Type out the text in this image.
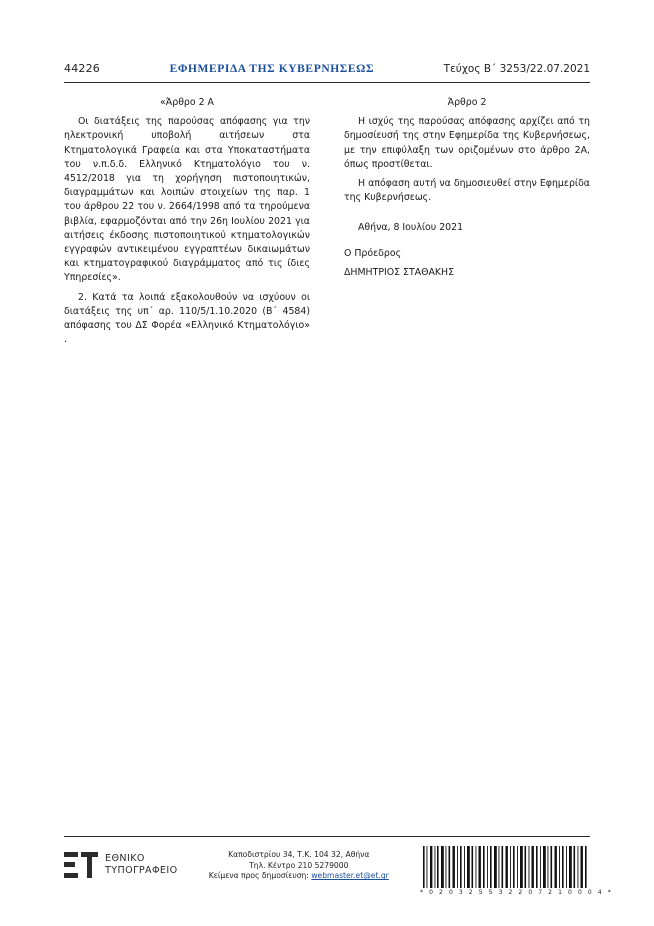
44226	ΕΦΗΜΕΡΙΔΑ ΤΗΣ ΚΥΒΕΡΝΗΣΕΩΣ	Τεύχος Β΄ 3253/22.07.2021

«Άρθρο 2 Α

Οι διατάξεις της παρούσας απόφασης για την ηλεκτρονική υποβολή αιτήσεων στα Κτηματολογικά Γραφεία και στα Υποκαταστήματα του ν.π.δ.δ. Ελληνικό Κτηματολόγιο του ν. 4512/2018 για τη χορήγηση πιστοποιητικών, διαγραμμάτων και λοιπών στοιχείων της παρ. 1 του άρθρου 22 του ν. 2664/1998 από τα τηρούμενα βιβλία, εφαρμοζόνται από την 26η Ιουλίου 2021 για αιτήσεις έκδοσης πιστοποιητικού κτηματολογικών εγγραφών αντικειμένου εγγραπτέων δικαιωμάτων και κτηματογραφικού διαγράμματος από τις ίδιες Υπηρεσίες».

2. Κατά τα λοιπά εξακολουθούν να ισχύουν οι διατάξεις της υπ΄ αρ. 110/5/1.10.2020 (Β΄ 4584) απόφασης του ΔΣ Φορέα «Ελληνικό Κτηματολόγιο» .

Άρθρο 2

Η ισχύς της παρούσας απόφασης αρχίζει από τη δημοσίευσή της στην Εφημερίδα της Κυβερνήσεως, με την επιφύλαξη των οριζομένων στο άρθρο 2Α, όπως προστίθεται.

Η απόφαση αυτή να δημοσιευθεί στην Εφημερίδα της Κυβερνήσεως.

Αθήνα, 8 Ιουλίου 2021

Ο Πρόεδρος

ΔΗΜΗΤΡΙΟΣ ΣΤΑΘΑΚΗΣ

ΕΘΝΙΚΟ
ΤΥΠΟΓΡΑΦΕΙΟ
Καποδιστρίου 34, Τ.Κ. 104 32, Αθήνα
Τηλ. Κέντρο 210 5279000
Κείμενα προς δημοσίευση: webmaster.et@et.gr
* 0 2 0 3 2 5 5 3 2 2 0 7 2 1 0 0 0 4 *
